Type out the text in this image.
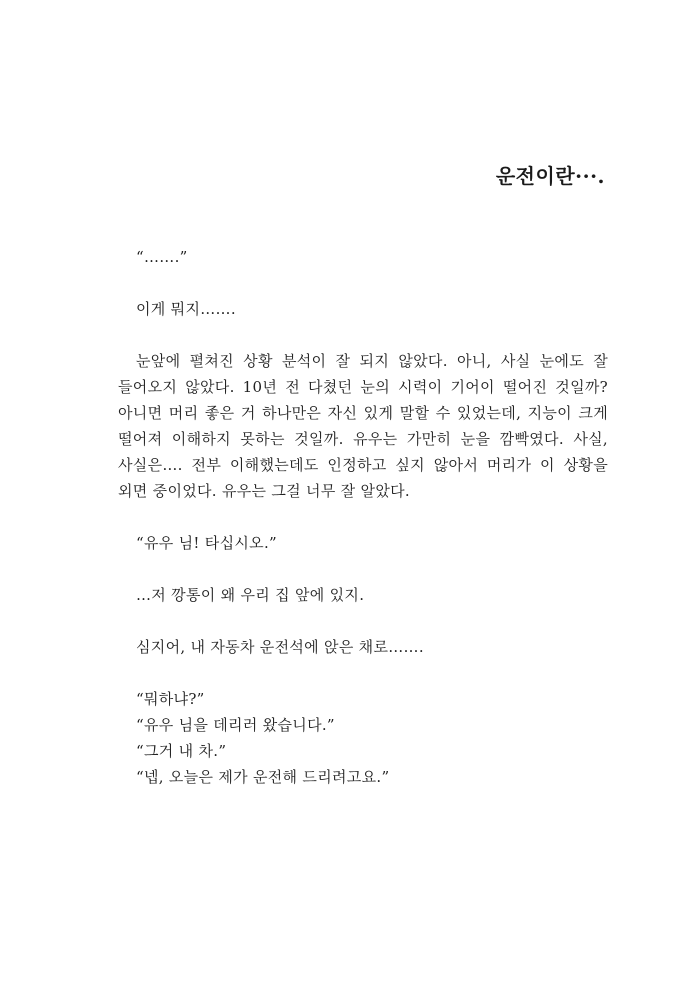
운전이란···.

“…….”

이게 뭐지…….

눈앞에 펼쳐진 상황 분석이 잘 되지 않았다. 아니, 사실 눈에도 잘 들어오지 않았다. 10년 전 다쳤던 눈의 시력이 기어이 떨어진 것일까? 아니면 머리 좋은 거 하나만은 자신 있게 말할 수 있었는데, 지능이 크게 떨어져 이해하지 못하는 것일까. 유우는 가만히 눈을 깜빡였다. 사실, 사실은…. 전부 이해했는데도 인정하고 싶지 않아서 머리가 이 상황을 외면 중이었다. 유우는 그걸 너무 잘 알았다.

“유우 님! 타십시오.”

…저 깡통이 왜 우리 집 앞에 있지.

심지어, 내 자동차 운전석에 앉은 채로…….

“뭐하냐?”

“유우 님을 데리러 왔습니다.”

“그거 내 차.”

“넵, 오늘은 제가 운전해 드리려고요.”
